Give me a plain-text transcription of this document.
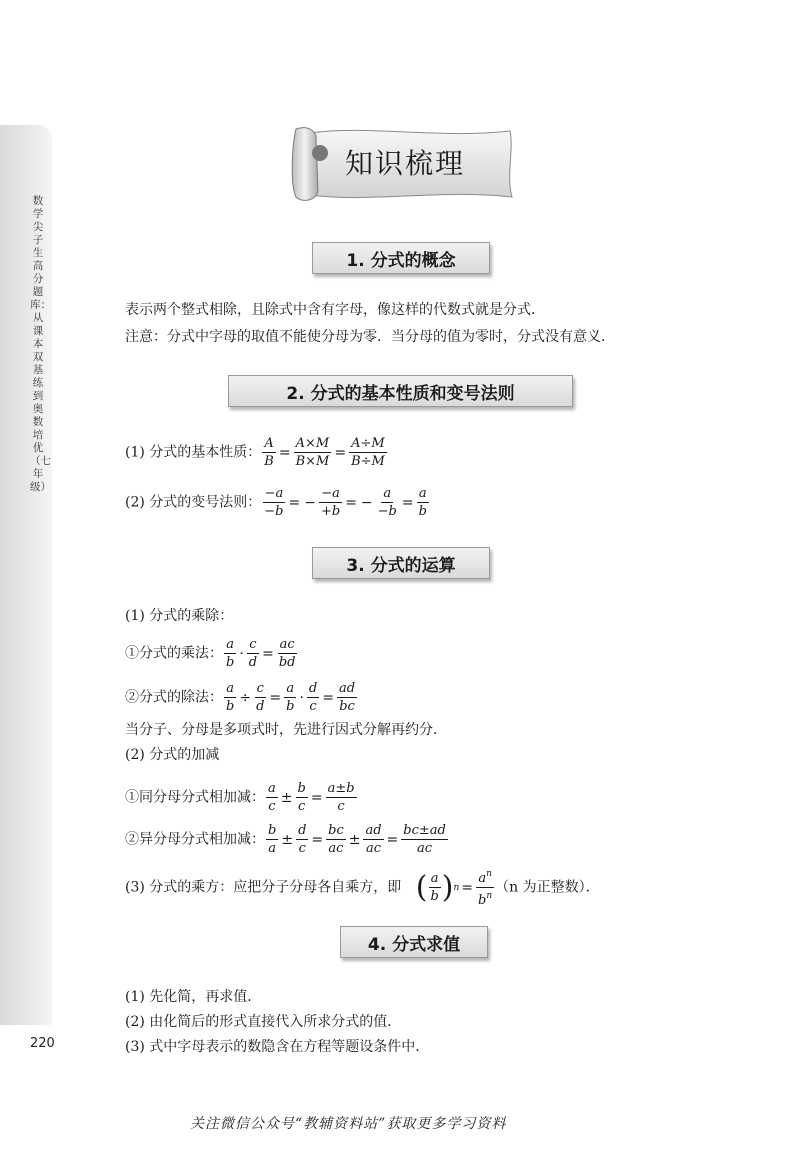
数学尖子生高分题库：从课本双基练到奥数培优（七年级）
220
知识梳理
1. 分式的概念
表示两个整式相除，且除式中含有字母，像这样的代数式就是分式．
注意：分式中字母的取值不能使分母为零．当分母的值为零时，分式没有意义．
2. 分式的基本性质和变号法则
(1) 分式的基本性质： $\frac{A}{B} = \frac{A\times M}{B\times M} = \frac{A\div M}{B\div M}$
(2) 分式的变号法则： $\frac{-a}{-b}$ = − $\frac{-a}{+b}$ = − $\frac{a}{-b} = \frac{a}{b}$
3. 分式的运算
(1) 分式的乘除：
①分式的乘法： $\frac{a}{b} \cdot \frac{c}{d} = \frac{ac}{bd}$
②分式的除法： $\frac{a}{b} \div \frac{c}{d} = \frac{a}{b} \cdot \frac{d}{c} = \frac{ad}{bc}$
当分子、分母是多项式时，先进行因式分解再约分．
(2) 分式的加减
①同分母分式相加减： $\frac{a}{c} \pm \frac{b}{c} = \frac{a\pm b}{c}$
②异分母分式相加减： $\frac{b}{a} \pm \frac{d}{c} = \frac{bc}{ac} \pm \frac{ad}{ac} = \frac{bc\pm ad}{ac}$
(3) 分式的乘方：应把分子分母各自乘方，即 ( $\frac{a}{b}$ ) $n = \frac{a^n}{b^n} (n$ 为正整数）．
4. 分式求值
(1) 先化简，再求值．
(2) 由化简后的形式直接代入所求分式的值．
(3) 式中字母表示的数隐含在方程等题设条件中．
关注微信公众号“教辅资料站”获取更多学习资料
